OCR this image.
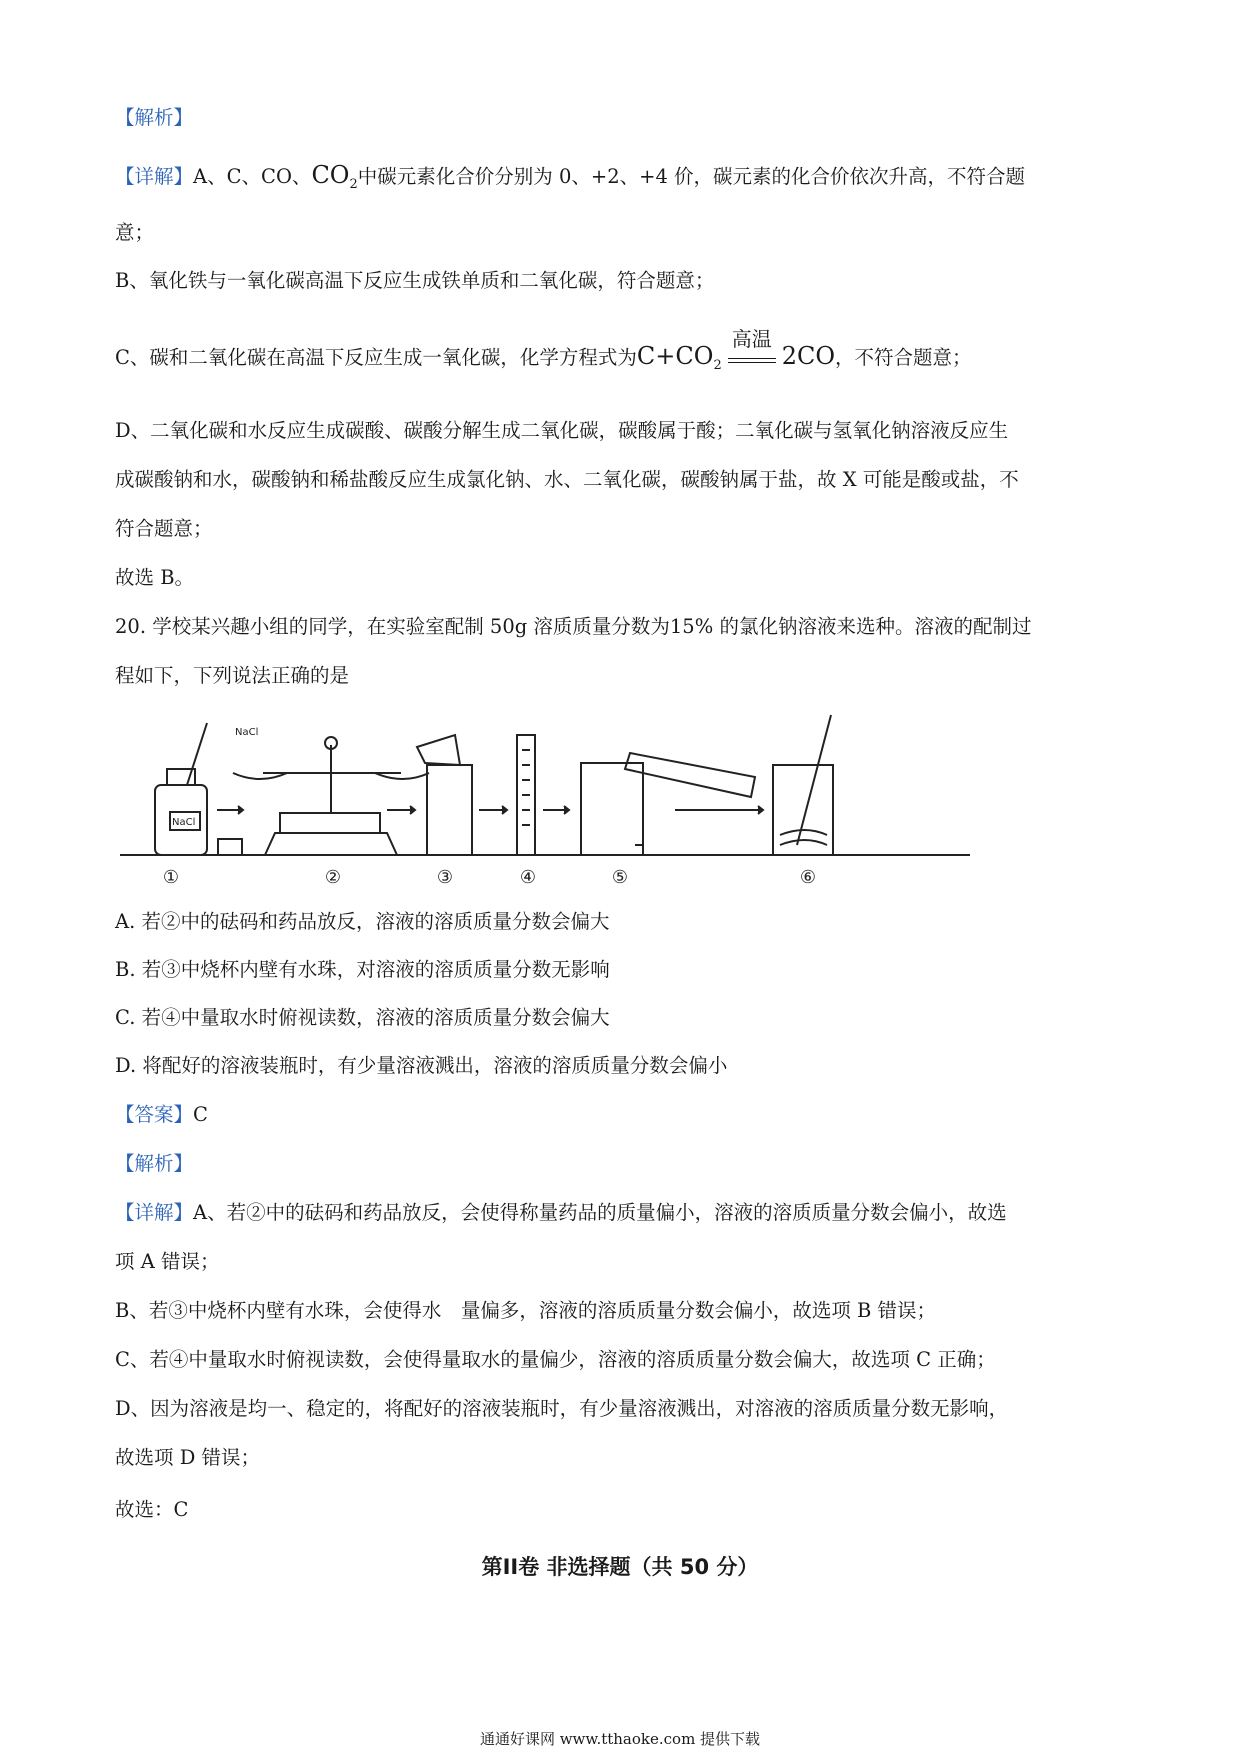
【解析】
【详解】A、C、CO、$CO_2$中碳元素化合价分别为 0、+2、+4 价，碳元素的化合价依次升高，不符合题
意；
B、氧化铁与一氧化碳高温下反应生成铁单质和二氧化碳，符合题意；
C、碳和二氧化碳在高温下反应生成一氧化碳，化学方程式为$C+CO_2$
高温
2CO，不符合题意；
D、二氧化碳和水反应生成碳酸、碳酸分解生成二氧化碳，碳酸属于酸；二氧化碳与氢氧化钠溶液反应生
成碳酸钠和水，碳酸钠和稀盐酸反应生成氯化钠、水、二氧化碳，碳酸钠属于盐，故 X 可能是酸或盐，不
符合题意；
故选 B。
20. 学校某兴趣小组的同学，在实验室配制 50g 溶质质量分数为15% 的氯化钠溶液来选种。溶液的配制过
程如下，下列说法正确的是
NaCl
NaCl
①	②	③	④	⑤	⑥
A. 若②中的砝码和药品放反，溶液的溶质质量分数会偏大
B. 若③中烧杯内壁有水珠，对溶液的溶质质量分数无影响
C. 若④中量取水时俯视读数，溶液的溶质质量分数会偏大
D. 将配好的溶液装瓶时，有少量溶液溅出，溶液的溶质质量分数会偏小
【答案】C
【解析】
【详解】A、若②中的砝码和药品放反，会使得称量药品的质量偏小，溶液的溶质质量分数会偏小，故选
项 A 错误；
B、若③中烧杯内壁有水珠，会使得水　量偏多，溶液的溶质质量分数会偏小，故选项 B 错误；
C、若④中量取水时俯视读数，会使得量取水的量偏少，溶液的溶质质量分数会偏大，故选项 C 正确；
D、因为溶液是均一、稳定的，将配好的溶液装瓶时，有少量溶液溅出，对溶液的溶质质量分数无影响，
故选项 D 错误；
故选：C
第II卷 非选择题（共 50 分）
通通好课网 www.tthaoke.com 提供下载
